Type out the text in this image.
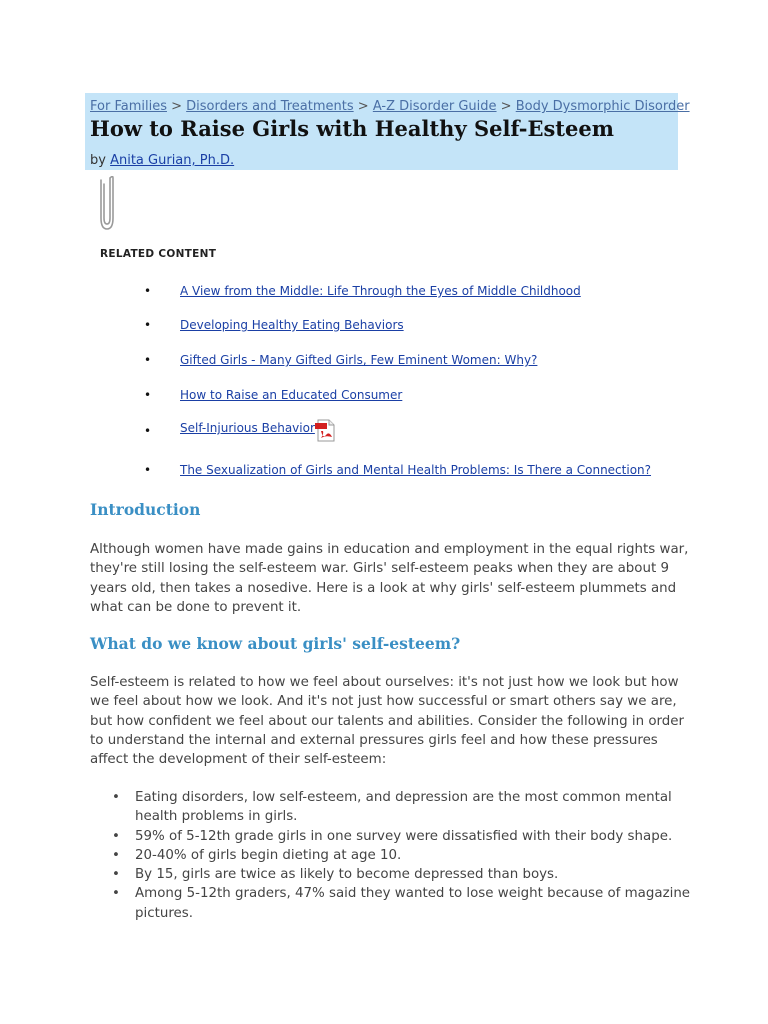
For Families > Disorders and Treatments > A-Z Disorder Guide > Body Dysmorphic Disorder
How to Raise Girls with Healthy Self-Esteem
by Anita Gurian, Ph.D.
RELATED CONTENT
• A View from the Middle: Life Through the Eyes of Middle Childhood
• Developing Healthy Eating Behaviors
• Gifted Girls - Many Gifted Girls, Few Eminent Women: Why?
• How to Raise an Educated Consumer
• Self-Injurious Behavior
• The Sexualization of Girls and Mental Health Problems: Is There a Connection?
Introduction

Although women have made gains in education and employment in the equal rights war, they're still losing the self-esteem war. Girls' self-esteem peaks when they are about 9 years old, then takes a nosedive. Here is a look at why girls' self-esteem plummets and what can be done to prevent it.

What do we know about girls' self-esteem?

Self-esteem is related to how we feel about ourselves: it's not just how we look but how we feel about how we look. And it's not just how successful or smart others say we are, but how confident we feel about our talents and abilities. Consider the following in order to understand the internal and external pressures girls feel and how these pressures affect the development of their self-esteem:

• Eating disorders, low self-esteem, and depression are the most common mental health problems in girls.
• 59% of 5-12th grade girls in one survey were dissatisfied with their body shape.
• 20-40% of girls begin dieting at age 10.
• By 15, girls are twice as likely to become depressed than boys.
• Among 5-12th graders, 47% said they wanted to lose weight because of magazine pictures.
